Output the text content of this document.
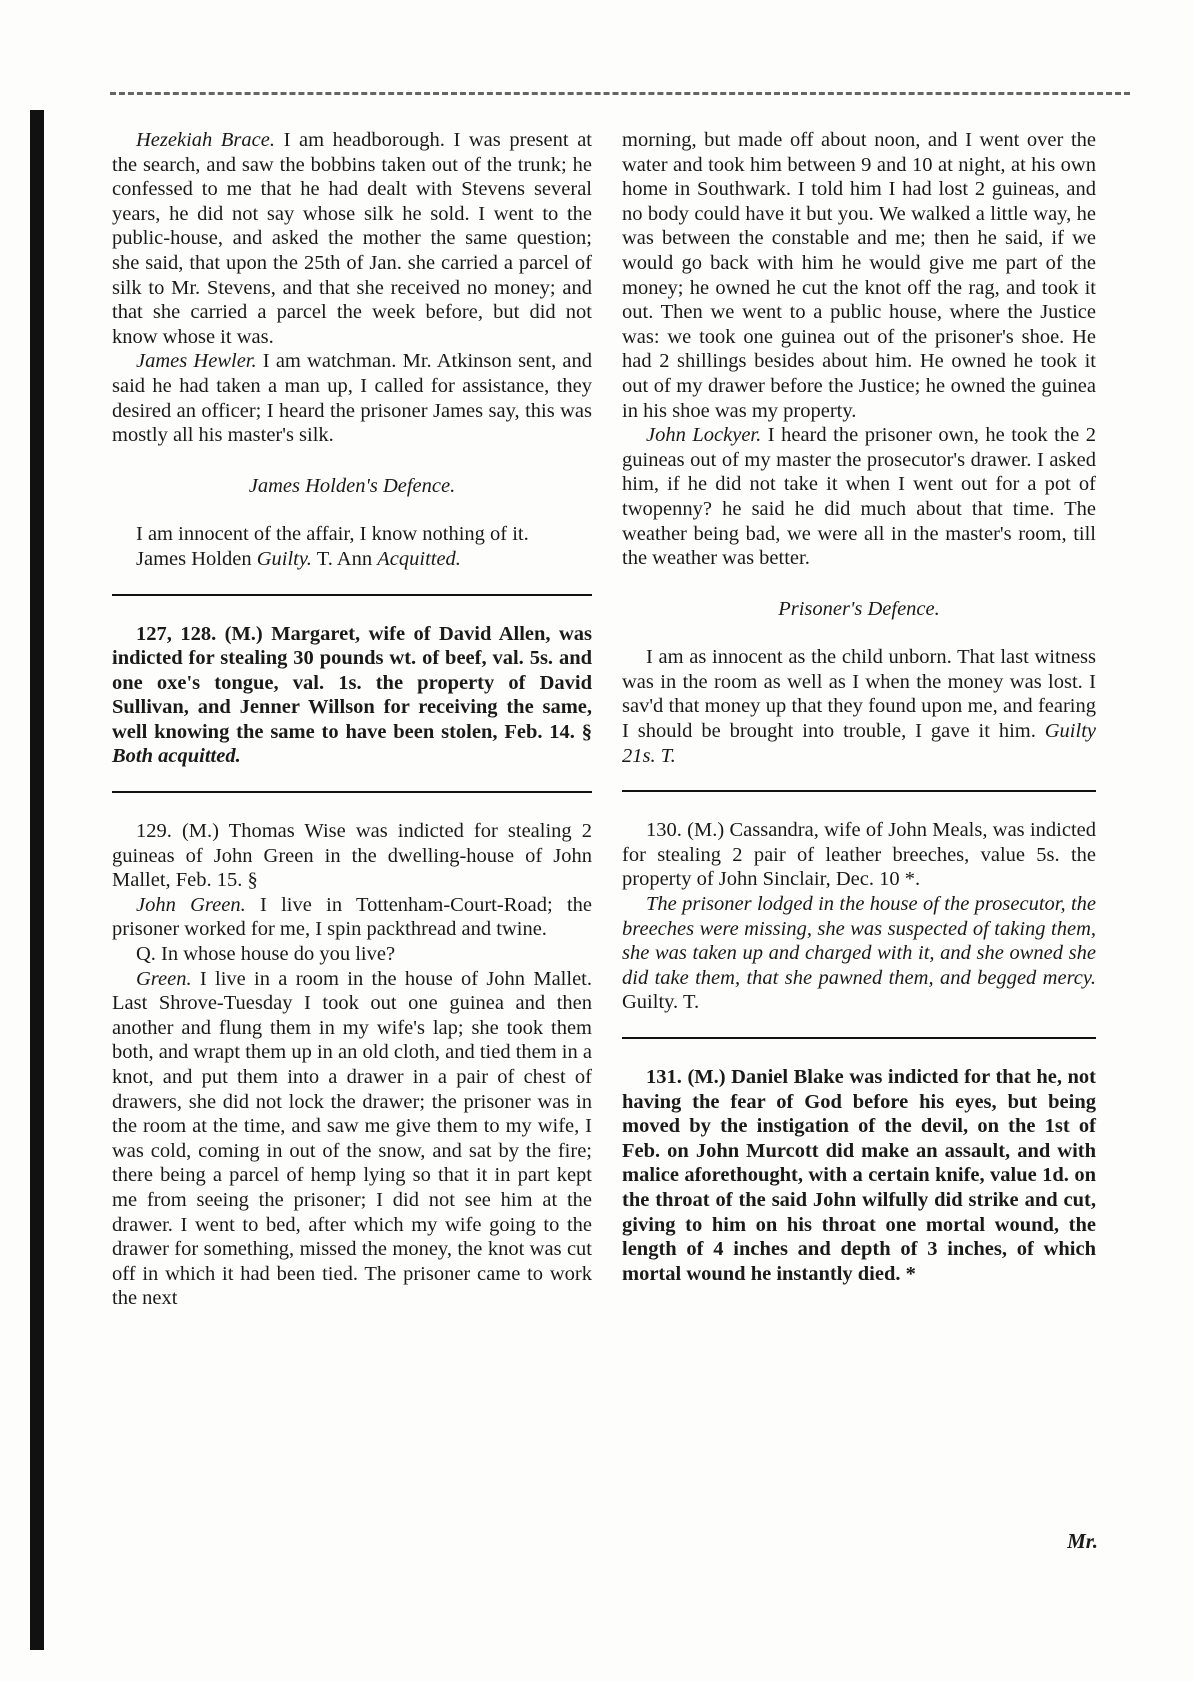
Hezekiah Brace. I am headborough. I was present at the search, and saw the bobbins taken out of the trunk; he confessed to me that he had dealt with Stevens several years, he did not say whose silk he sold. I went to the public-house, and asked the mother the same question; she said, that upon the 25th of Jan. she carried a parcel of silk to Mr. Stevens, and that she received no money; and that she carried a parcel the week before, but did not know whose it was.

James Hewler. I am watchman. Mr. Atkinson sent, and said he had taken a man up, I called for assistance, they desired an officer; I heard the prisoner James say, this was mostly all his master's silk.

James Holden's Defence.

I am innocent of the affair, I know nothing of it.

James Holden Guilty. T. Ann Acquitted.

127, 128. (M.) Margaret, wife of David Allen, was indicted for stealing 30 pounds wt. of beef, val. 5s. and one oxe's tongue, val. 1s. the property of David Sullivan, and Jenner Willson for receiving the same, well knowing the same to have been stolen, Feb. 14. § Both acquitted.

129. (M.) Thomas Wise was indicted for stealing 2 guineas of John Green in the dwelling-house of John Mallet, Feb. 15. §

John Green. I live in Tottenham-Court-Road; the prisoner worked for me, I spin packthread and twine.

Q. In whose house do you live?

Green. I live in a room in the house of John Mallet. Last Shrove-Tuesday I took out one guinea and then another and flung them in my wife's lap; she took them both, and wrapt them up in an old cloth, and tied them in a knot, and put them into a drawer in a pair of chest of drawers, she did not lock the drawer; the prisoner was in the room at the time, and saw me give them to my wife, I was cold, coming in out of the snow, and sat by the fire; there being a parcel of hemp lying so that it in part kept me from seeing the prisoner; I did not see him at the drawer. I went to bed, after which my wife going to the drawer for something, missed the money, the knot was cut off in which it had been tied. The prisoner came to work the next

morning, but made off about noon, and I went over the water and took him between 9 and 10 at night, at his own home in Southwark. I told him I had lost 2 guineas, and no body could have it but you. We walked a little way, he was between the constable and me; then he said, if we would go back with him he would give me part of the money; he owned he cut the knot off the rag, and took it out. Then we went to a public house, where the Justice was: we took one guinea out of the prisoner's shoe. He had 2 shillings besides about him. He owned he took it out of my drawer before the Justice; he owned the guinea in his shoe was my property.

John Lockyer. I heard the prisoner own, he took the 2 guineas out of my master the prosecutor's drawer. I asked him, if he did not take it when I went out for a pot of twopenny? he said he did much about that time. The weather being bad, we were all in the master's room, till the weather was better.

Prisoner's Defence.

I am as innocent as the child unborn. That last witness was in the room as well as I when the money was lost. I sav'd that money up that they found upon me, and fearing I should be brought into trouble, I gave it him. Guilty 21s. T.

130. (M.) Cassandra, wife of John Meals, was indicted for stealing 2 pair of leather breeches, value 5s. the property of John Sinclair, Dec. 10 *.

The prisoner lodged in the house of the prosecutor, the breeches were missing, she was suspected of taking them, she was taken up and charged with it, and she owned she did take them, that she pawned them, and begged mercy. Guilty. T.

131. (M.) Daniel Blake was indicted for that he, not having the fear of God before his eyes, but being moved by the instigation of the devil, on the 1st of Feb. on John Murcott did make an assault, and with malice aforethought, with a certain knife, value 1d. on the throat of the said John wilfully did strike and cut, giving to him on his throat one mortal wound, the length of 4 inches and depth of 3 inches, of which mortal wound he instantly died. *

Mr.
